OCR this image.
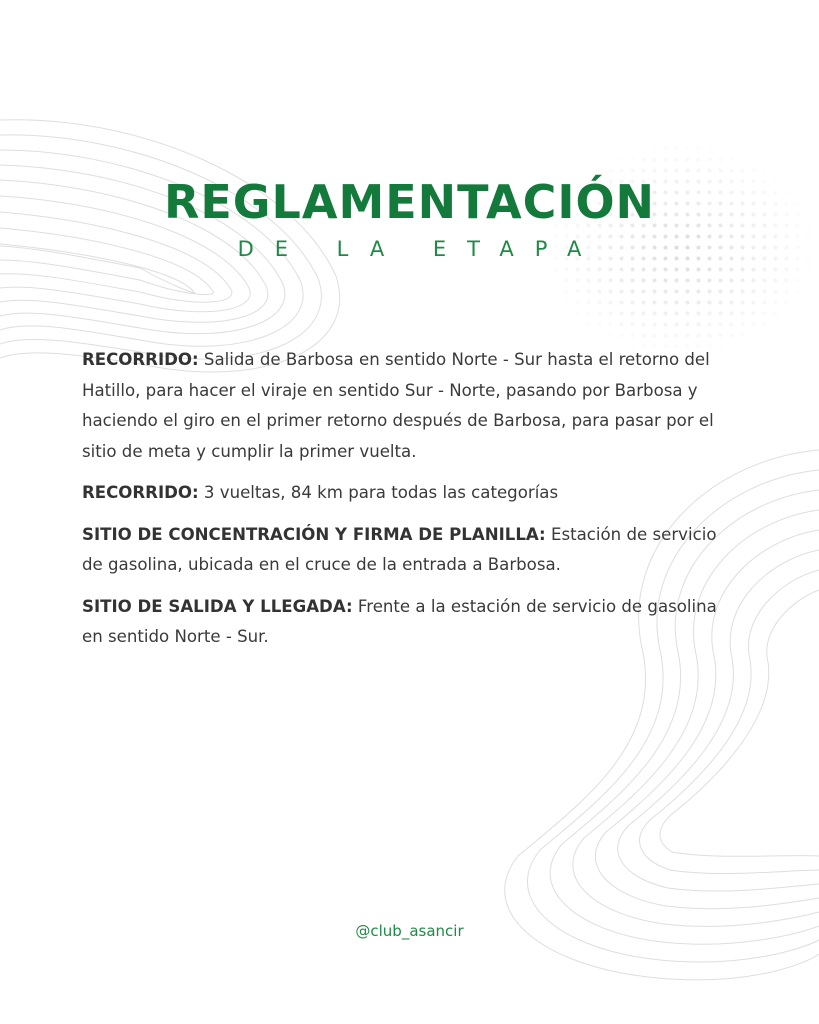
REGLAMENTACIÓN
DE LA ETAPA

RECORRIDO: Salida de Barbosa en sentido Norte - Sur hasta el retorno del Hatillo, para hacer el viraje en sentido Sur - Norte, pasando por Barbosa y haciendo el giro en el primer retorno después de Barbosa, para pasar por el sitio de meta y cumplir la primer vuelta.

RECORRIDO: 3 vueltas, 84 km para todas las categorías

SITIO DE CONCENTRACIÓN Y FIRMA DE PLANILLA: Estación de servicio de gasolina, ubicada en el cruce de la entrada a Barbosa.

SITIO DE SALIDA Y LLEGADA: Frente a la estación de servicio de gasolina en sentido Norte - Sur.

@club_asancir
